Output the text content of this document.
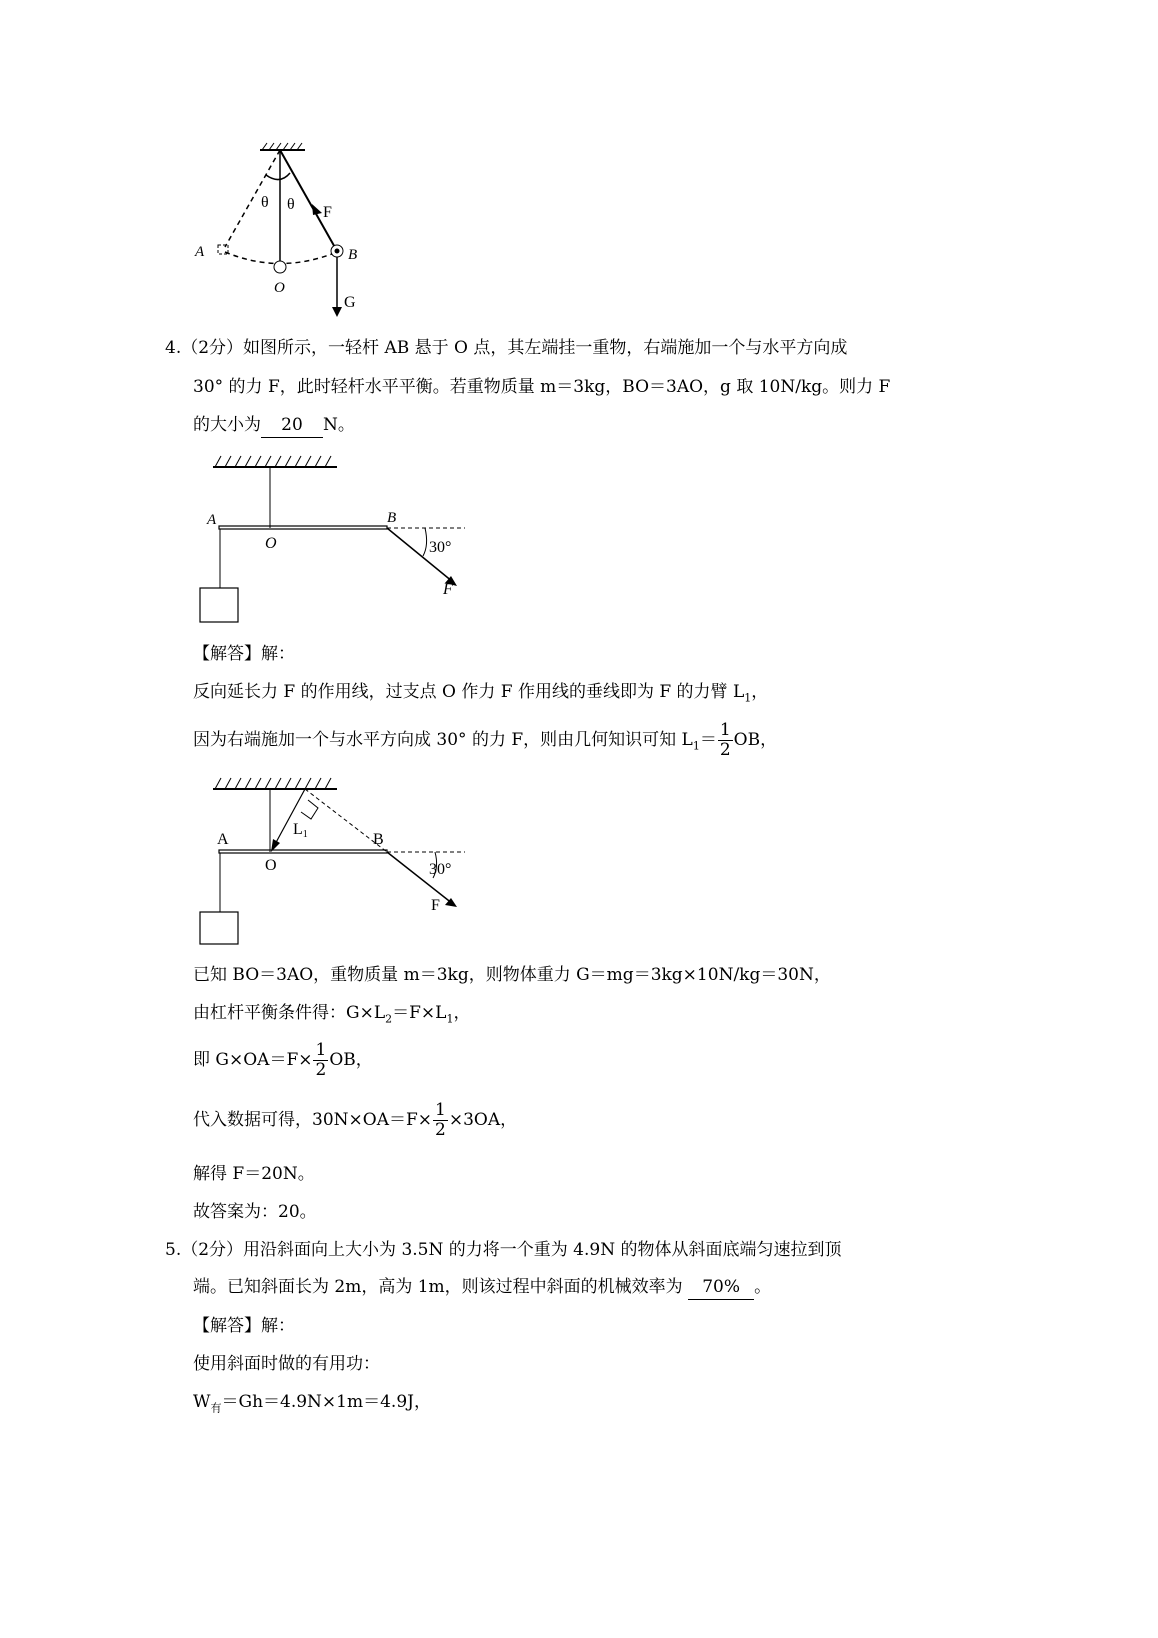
θ θ F
A	B
O
G
4.（2分）如图所示，一轻杆 AB 悬于 O 点，其左端挂一重物，右端施加一个与水平方向成
30° 的力 F，此时轻杆水平平衡。若重物质量 m＝3kg，BO＝3AO，g 取 10N/kg。则力 F
的大小为 20 N。
A
O
B
30°
F
【解答】解：
反向延长力 F 的作用线，过支点 O 作力 F 作用线的垂线即为 F 的力臂 $L_1$，
因为右端施加一个与水平方向成 30° 的力 F，则由几何知识可知 $L_1= \frac{1}{2}$ OB，
A
O
B
L1
30°
F
已知 BO＝3AO，重物质量 m＝3kg，则物体重力 G＝mg＝3kg×10N/kg＝30N，
由杠杆平衡条件得：$G\times L_2=F\times L_1$，
即 $G\times OA=F\times \frac{1}{2}$ OB，
代入数据可得，$30N\times OA=F\times \frac{1}{2} \times 3OA$，
解得 F＝20N。
故答案为：20。
5.（2分）用沿斜面向上大小为 3.5N 的力将一个重为 4.9N 的物体从斜面底端匀速拉到顶
端。已知斜面长为 2m，高为 1m，则该过程中斜面的机械效率为 70% 。
【解答】解：
使用斜面时做的有用功：
$W_有=Gh=4.9N\times 1m=4.9J$，
